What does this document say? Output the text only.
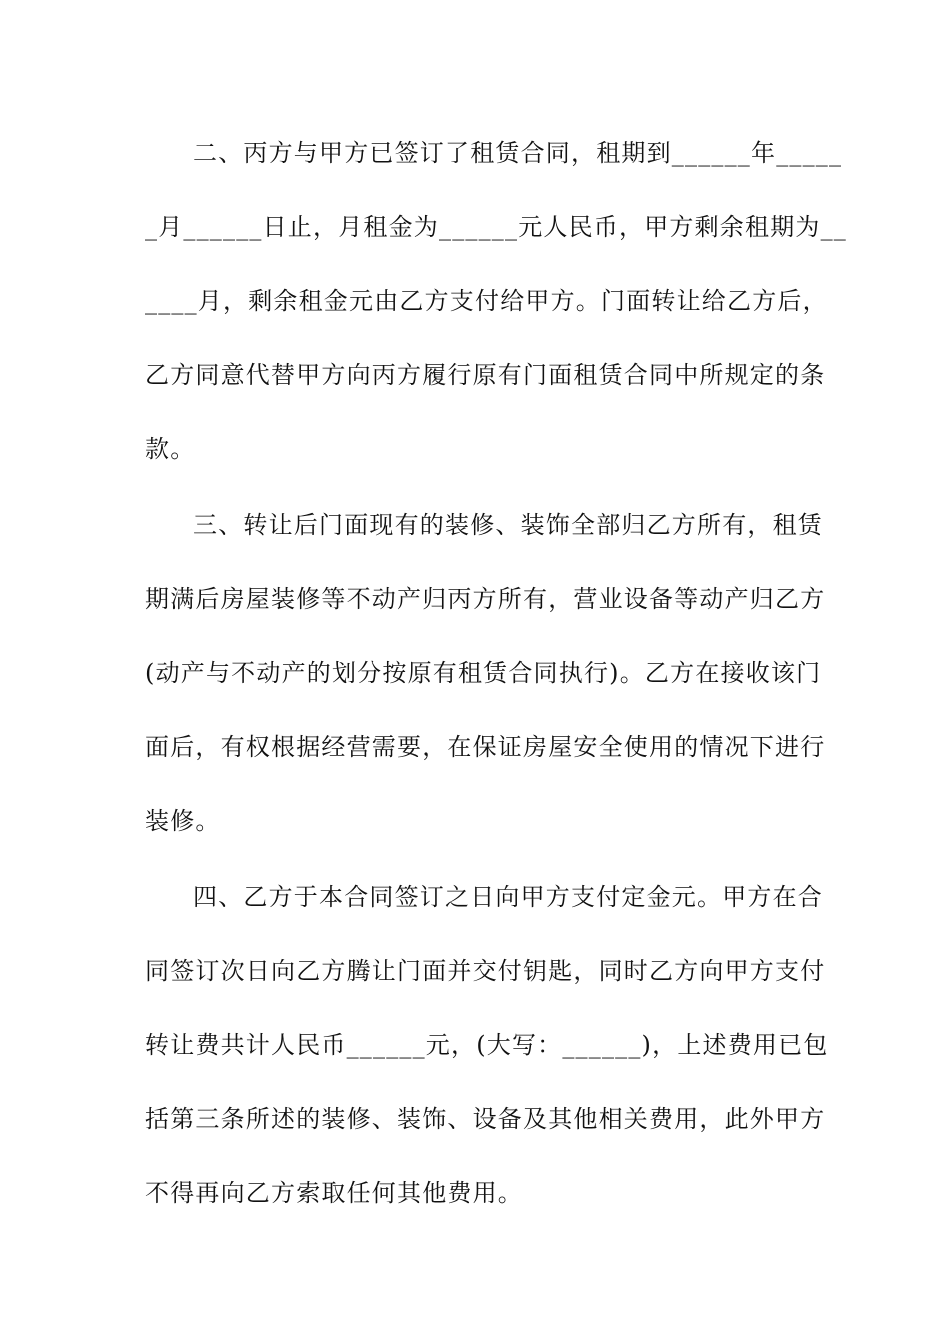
二、丙方与甲方已签订了租赁合同，租期到______年_____
_月______日止，月租金为______元人民币，甲方剩余租期为__
____月，剩余租金元由乙方支付给甲方。门面转让给乙方后，
乙方同意代替甲方向丙方履行原有门面租赁合同中所规定的条
款。
三、转让后门面现有的装修、装饰全部归乙方所有，租赁
期满后房屋装修等不动产归丙方所有，营业设备等动产归乙方
(动产与不动产的划分按原有租赁合同执行)。乙方在接收该门
面后，有权根据经营需要，在保证房屋安全使用的情况下进行
装修。
四、乙方于本合同签订之日向甲方支付定金元。甲方在合
同签订次日向乙方腾让门面并交付钥匙，同时乙方向甲方支付
转让费共计人民币______元，(大写：______)，上述费用已包
括第三条所述的装修、装饰、设备及其他相关费用，此外甲方
不得再向乙方索取任何其他费用。
